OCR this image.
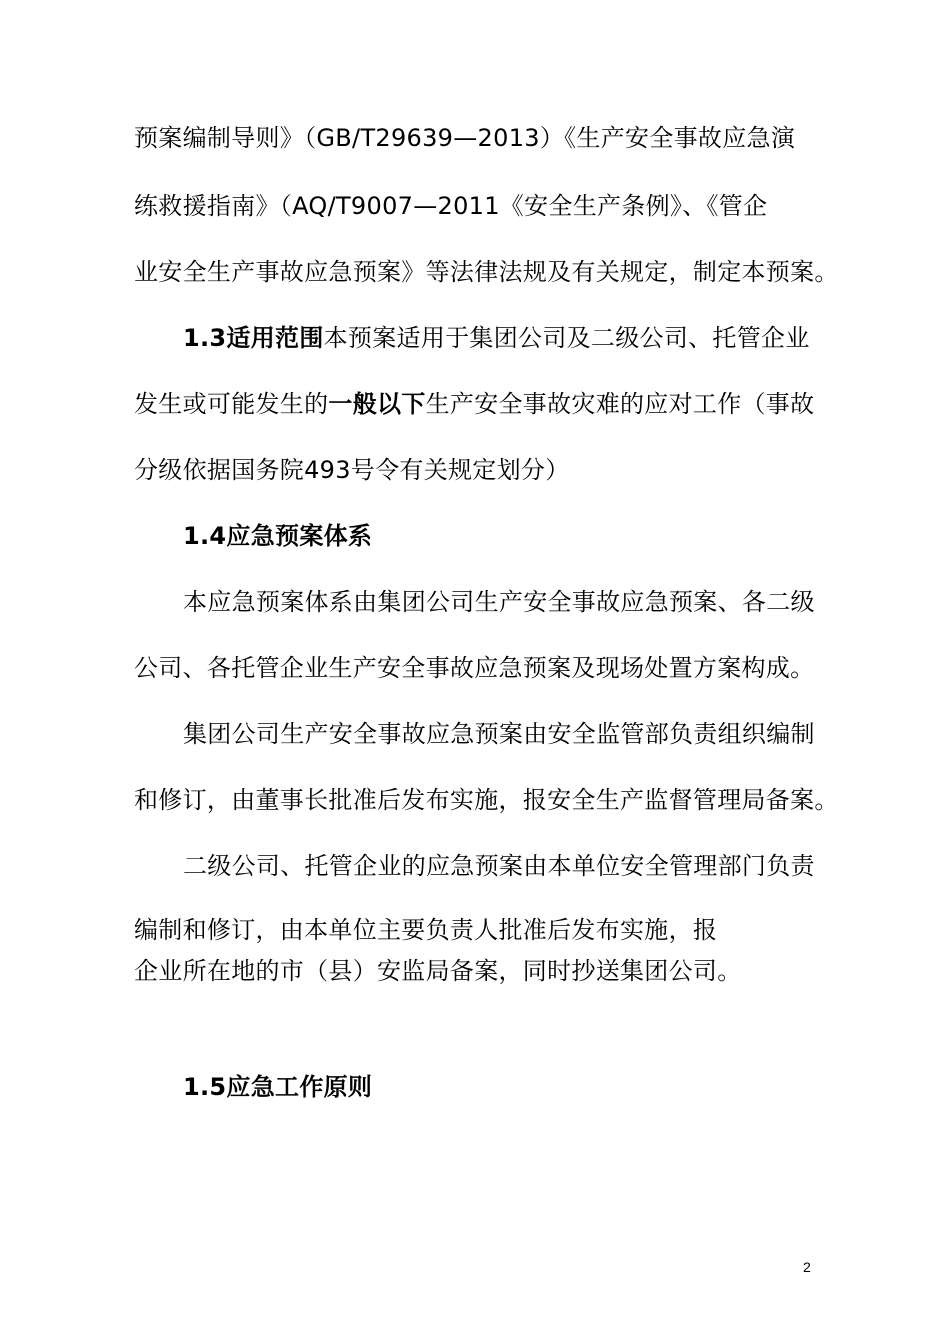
预案编制导则》（GB/T29639—2013）《生产安全事故应急演
练救援指南》（AQ/T9007—2011《安全生产条例》、《管企
业安全生产事故应急预案》等法律法规及有关规定，制定本预案。
1.3适用范围本预案适用于集团公司及二级公司、托管企业
发生或可能发生的一般以下生产安全事故灾难的应对工作（事故
分级依据国务院493号令有关规定划分）
1.4应急预案体系
本应急预案体系由集团公司生产安全事故应急预案、各二级
公司、各托管企业生产安全事故应急预案及现场处置方案构成。
集团公司生产安全事故应急预案由安全监管部负责组织编制
和修订，由董事长批准后发布实施，报安全生产监督管理局备案。
二级公司、托管企业的应急预案由本单位安全管理部门负责
编制和修订，由本单位主要负责人批准后发布实施，报
企业所在地的市（县）安监局备案，同时抄送集团公司。
1.5应急工作原则
2
